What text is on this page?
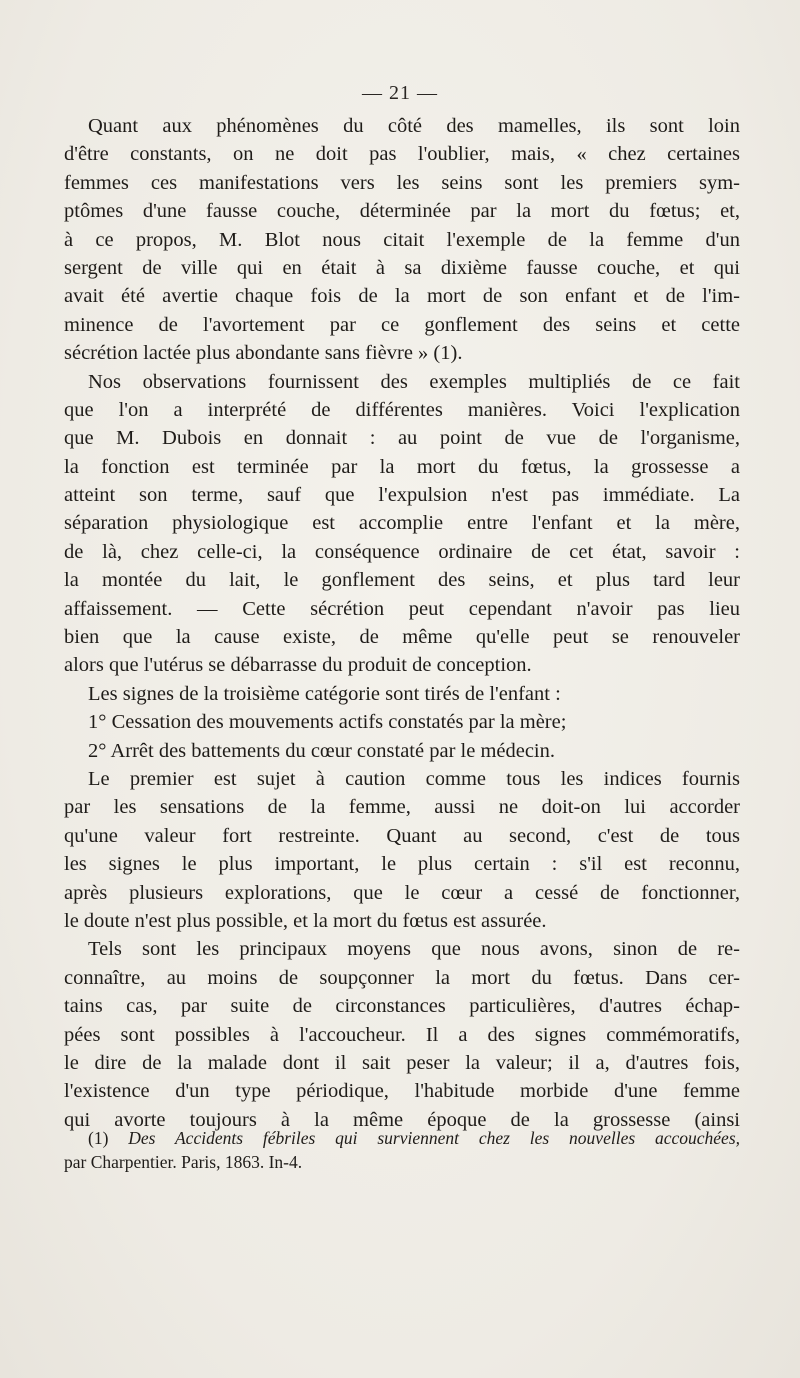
— 21 —
Quant aux phénomènes du côté des mamelles, ils sont loin
d'être constants, on ne doit pas l'oublier, mais, « chez certaines
femmes ces manifestations vers les seins sont les premiers sym-
ptômes d'une fausse couche, déterminée par la mort du fœtus; et,
à ce propos, M. Blot nous citait l'exemple de la femme d'un
sergent de ville qui en était à sa dixième fausse couche, et qui
avait été avertie chaque fois de la mort de son enfant et de l'im-
minence de l'avortement par ce gonflement des seins et cette
sécrétion lactée plus abondante sans fièvre » (1).
Nos observations fournissent des exemples multipliés de ce fait
que l'on a interprété de différentes manières. Voici l'explication
que M. Dubois en donnait : au point de vue de l'organisme,
la fonction est terminée par la mort du fœtus, la grossesse a
atteint son terme, sauf que l'expulsion n'est pas immédiate. La
séparation physiologique est accomplie entre l'enfant et la mère,
de là, chez celle-ci, la conséquence ordinaire de cet état, savoir :
la montée du lait, le gonflement des seins, et plus tard leur
affaissement. — Cette sécrétion peut cependant n'avoir pas lieu
bien que la cause existe, de même qu'elle peut se renouveler
alors que l'utérus se débarrasse du produit de conception.
Les signes de la troisième catégorie sont tirés de l'enfant :
1° Cessation des mouvements actifs constatés par la mère;
2° Arrêt des battements du cœur constaté par le médecin.
Le premier est sujet à caution comme tous les indices fournis
par les sensations de la femme, aussi ne doit-on lui accorder
qu'une valeur fort restreinte. Quant au second, c'est de tous
les signes le plus important, le plus certain : s'il est reconnu,
après plusieurs explorations, que le cœur a cessé de fonctionner,
le doute n'est plus possible, et la mort du fœtus est assurée.
Tels sont les principaux moyens que nous avons, sinon de re-
connaître, au moins de soupçonner la mort du fœtus. Dans cer-
tains cas, par suite de circonstances particulières, d'autres échap-
pées sont possibles à l'accoucheur. Il a des signes commémoratifs,
le dire de la malade dont il sait peser la valeur; il a, d'autres fois,
l'existence d'un type périodique, l'habitude morbide d'une femme
qui avorte toujours à la même époque de la grossesse (ainsi
(1) Des Accidents fébriles qui surviennent chez les nouvelles accouchées,
par Charpentier. Paris, 1863. In-4.
